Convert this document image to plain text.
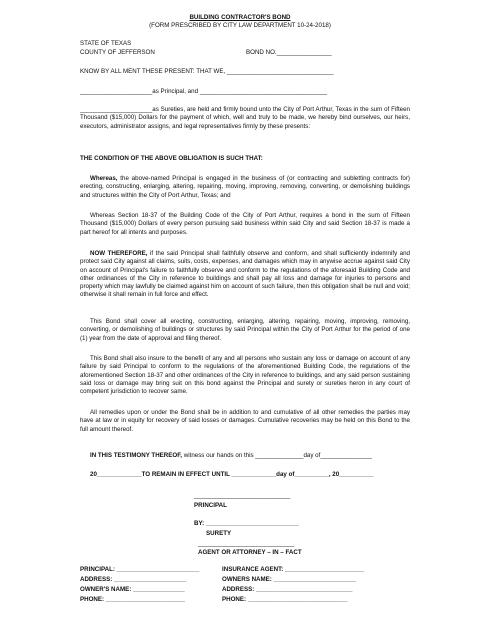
BUILDING CONTRACTOR'S BOND
(FORM PRESCRIBED BY CITY LAW DEPARTMENT 10-24-2018)
STATE OF TEXAS
COUNTY OF JEFFERSON	BOND NO.________________
KNOW BY ALL MENT THESE PRESENT: THAT WE, _______________________________
_____________________as Principal, and _____________________________________
_____________________as Sureties, are held and firmly bound unto the City of Port Arthur, Texas in the sum of Fifteen Thousand ($15,000) Dollars for the payment of which, well and truly to be made, we hereby bind ourselves, our heirs, executors, administrator assigns, and legal representatives firmly by these presents:
THE CONDITION OF THE ABOVE OBLIGATION IS SUCH THAT:
Whereas, the above-named Principal is engaged in the business of (or contracting and subletting contracts for) erecting, constructing, enlarging, altering, repairing, moving, improving, removing, converting, or demolishing buildings and structures within the City of Port Arthur, Texas; and
Whereas Section 18-37 of the Building Code of the City of Port Arthur, requires a bond in the sum of Fifteen Thousand ($15,000) Dollars of every person pursuing said business within said City and said Section 18-37 is made a part hereof for all intents and purposes.
NOW THEREFORE, if the said Principal shall faithfully observe and conform, and shall sufficiently indemnify and protect said City against all claims, suits, costs, expenses, and damages which may in anywise accrue against said City on account of Principal's failure to faithfully observe and conform to the regulations of the aforesaid Building Code and other ordinances of the City in reference to buildings and shall pay all loss and damage for injuries to persons and property which may lawfully be claimed against him on account of such failure, then this obligation shall be null and void; otherwise it shall remain in full force and effect.
This Bond shall cover all erecting, constructing, enlarging, altering, repairing, moving, improving, removing, converting, or demolishing of buildings or structures by said Principal within the City of Port Arthur for the period of one (1) year from the date of approval and filing thereof.
This Bond shall also insure to the benefit of any and all persons who sustain any loss or damage on account of any failure by said Principal to conform to the regulations of the aforementioned Building Code, the regulations of the aforementioned Section 18-37 and other ordinances of the City in reference to buildings, and any said person sustaining said loss or damage may bring suit on this bond against the Principal and surety or sureties heron in any court of competent jurisdiction to recover same.
All remedies upon or under the Bond shall be in addition to and cumulative of all other remedies the parties may have at law or in equity for recovery of said losses or damages. Cumulative recoveries may be held on this Bond to the full amount thereof.
IN THIS TESTIMONY THEREOF, witness our hands on this ______________day of_______________
20_____________TO REMAIN IN EFFECT UNTIL _____________day of__________, 20__________
____________________________
PRINCIPAL
BY: ___________________________
SURETY
____________________________
AGENT OR ATTORNEY – IN – FACT
PRINCIPAL: ________________________
ADDRESS: _____________________
OWNER'S NAME: _______________
PHONE: _______________________
INSURANCE AGENT: _______________________
OWNERS NAME: ________________________
ADDRESS: ____________________________
PHONE: _____________________________
